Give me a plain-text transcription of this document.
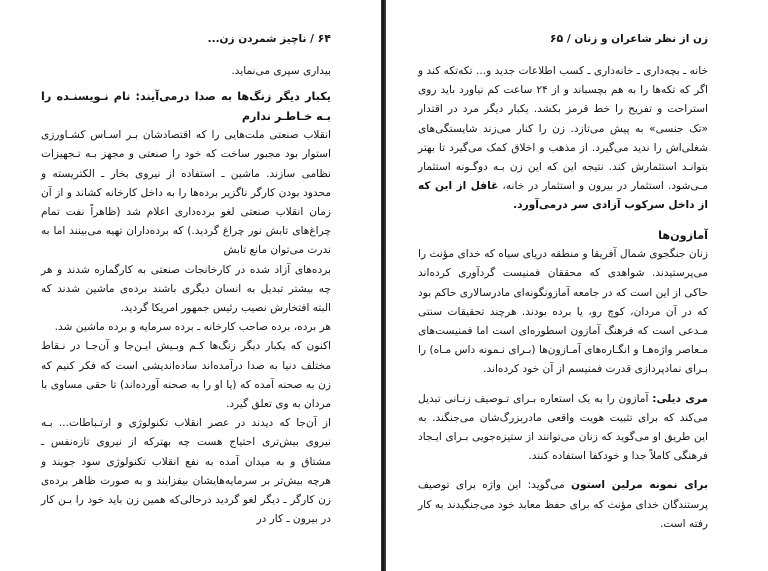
۶۴ / ناچیز شمردن زن...

بیداری سپری می‌نماید.

یکبار دیگر زنگ‌ها به صدا درمی‌آیند: نام نـویسنـده را بـه خـاطـر ندارم

انقلاب صنعتی ملت‌هایی را که اقتصاد‌شان بـر اسـاس کشـاورزی استوار بود مجبور ساخت که خود را صنعتی و مجهز بـه تـجهیزات نظامی سازند. ماشین ـ استفاده از نیروی بخار ـ الکتریسته و محدود بودن کارگر ناگزیر برده‌ها را به داخل کارخانه کشاند و از آن زمان انقلاب صنعتی لغو برده‌داری اعلام شد (ظاهراً نفت تمام چراغ‌های تابش نور چراغ گردید.) که برده‌داران تهیه می‌بینند اما به ندرت می‌توان مانع تابش

برده‌های آزاد شده در کارخانجات صنعتی به کارگماره شدند و هر چه بیشتر تبدیل به انسان دیگری باشند برده‌ی ماشین شدند که البته افتخارش نصیب رئیس جمهور امریکا گردید.

هر برده، برده صاحب کارخانه ـ برده سرمایه و برده ماشین شد.

اکنون که یکبار دیگر زنگ‌ها کـم وبـیش ایـن‌جا و آن‌جـا در نـقاط مختلف دنیا به صدا درآمده‌اند ساده‌اندیشی است که فکر کنیم که زن به صحنه آمده که (یا او را به صحنه آورده‌اند) تا حقی مساوی با مردان به وی تعلق گیرد.

از آن‌جا که دیدند در عصر انقلاب تکنولوژی و ارتـباطات... بـه نیروی بیش‌تری احتیاج هست چه بهترکه از نیروی تازه‌نفس ـ مشتاق و به میدان آمده به نفع انقلاب تکنولوژی سود جویند و هرچه بیش‌تر بر سرمایه‌هایشان بیفزایند و به صورت ظاهر برده‌ی زن کارگر ـ دیگر لغو گردید درحالی‌که همین زن باید خود را بـن کار در بیرون ـ کار در

زن از نظر شاعران و زنان / ۶۵

خانه ـ بچه‌داری ـ خانه‌داری ـ کسب اطلاعات جدید و... تکه‌تکه کند و اگر که تکه‌ها را به هم بچسباند و از ۲۴ ساعت کم نیاورد باید روی استراحت و تفریح را خط قرمز بکشد. یکبار دیگر مرد در اقتدار «تک جنسی» به پیش می‌تازد. زن را کنار می‌زند شایستگی‌های شغلی‌اش را ندید می‌گیرد. از مذهب و اخلاق کمک می‌گیرد تا بهتر بتوانـد استثمارش کند. نتیجه این که این زن بـه دوگـونه استثمار مـی‌شود. استثمار در بیرون و استثمار در خانه، غافل از این که از داخل سرکوب آزادی سر درمی‌آورد.

آمازون‌ها

زنان جنگجوی شمال آفریقا و منطقه دریای سیاه که خدای مؤنث را می‌پرستیدند. شواهدی که محققان فمنیست گردآوری کرده‌اند حاکی از این است که در جامعه آمازونگونه‌ای مادرسالاری حاکم بود که در آن مردان، کوچ رو، یا برده بودند. هرچند تحقیقات سنتی مـدعی است که فرهنگ آمازون اسطوره‌ای است اما فمنیست‌های مـعاصر واژه‌هـا و انگـاره‌های آمـازون‌ها (بـرای نـمونه داس مـاه) را بـرای نمادپردازی قدرت فمنیسم از آن خود کرده‌اند.

مری دیلی: آمازون را به یک استعاره بـرای تـوصیف زنـانی تبدیل می‌کند که برای تثبیت هویت واقعی مادربزرگ‌شان می‌جنگند. به این طریق او می‌گوید که زنان می‌توانند از ستیزه‌جویی بـرای ایـجاد فرهنگی کاملاً جدا و خودکفا استفاده کنند.

برای نمونه مرلین استون می‌گوید: این واژه برای توصیف پرستندگان خدای مؤنث که برای حفظ معابد خود می‌جنگیدند به کار رفته است.
